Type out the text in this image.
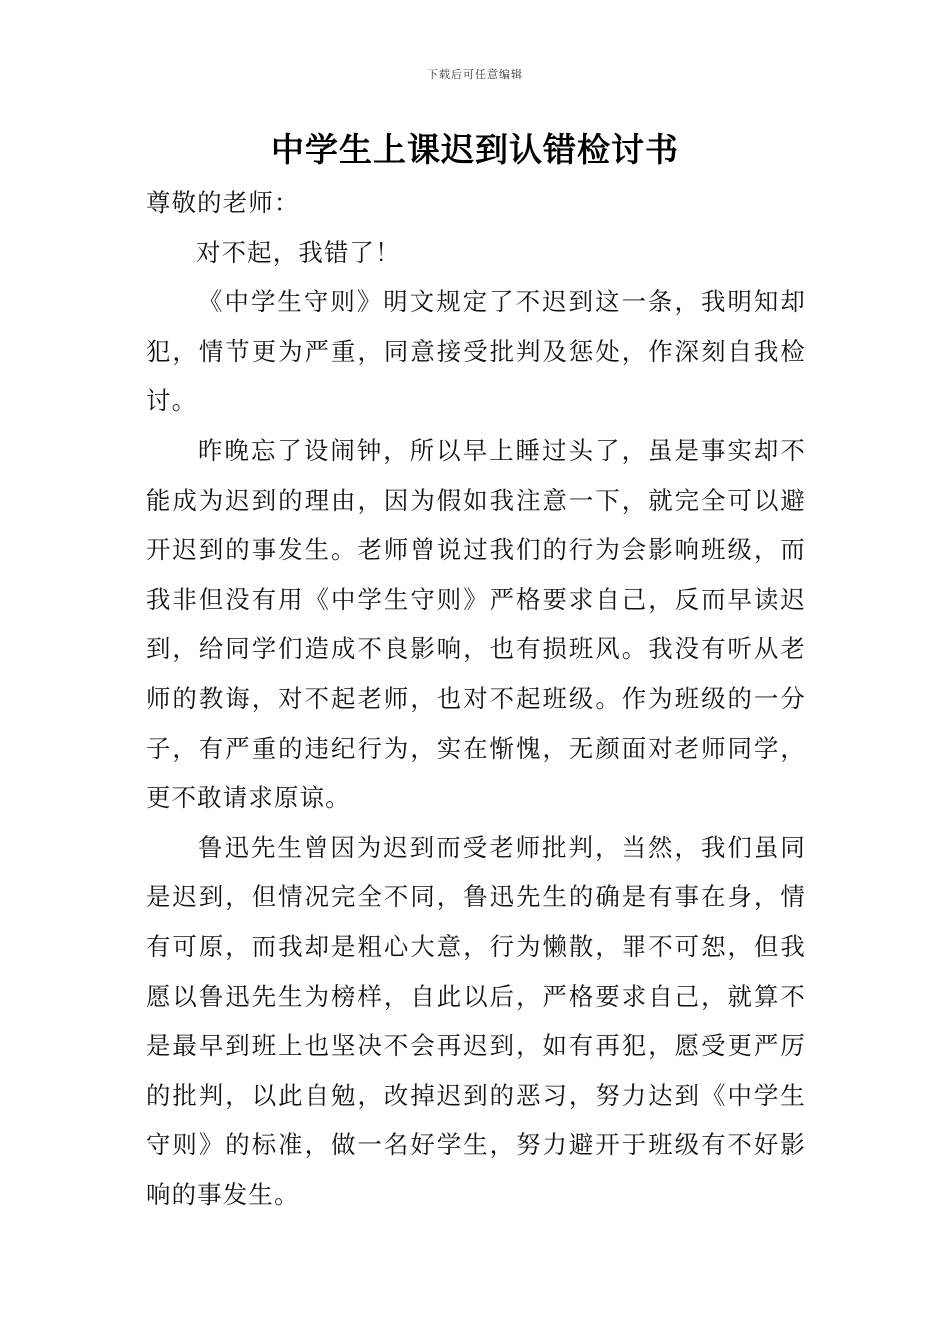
下载后可任意编辑
中学生上课迟到认错检讨书

尊敬的老师：

对不起，我错了！

《中学生守则》明文规定了不迟到这一条，我明知却犯，情节更为严重，同意接受批判及惩处，作深刻自我检讨。

昨晚忘了设闹钟，所以早上睡过头了，虽是事实却不能成为迟到的理由，因为假如我注意一下，就完全可以避开迟到的事发生。老师曾说过我们的行为会影响班级，而我非但没有用《中学生守则》严格要求自己，反而早读迟到，给同学们造成不良影响，也有损班风。我没有听从老师的教诲，对不起老师，也对不起班级。作为班级的一分子，有严重的违纪行为，实在惭愧，无颜面对老师同学，更不敢请求原谅。

鲁迅先生曾因为迟到而受老师批判，当然，我们虽同是迟到，但情况完全不同，鲁迅先生的确是有事在身，情有可原，而我却是粗心大意，行为懒散，罪不可恕，但我愿以鲁迅先生为榜样，自此以后，严格要求自己，就算不是最早到班上也坚决不会再迟到，如有再犯，愿受更严厉的批判，以此自勉，改掉迟到的恶习，努力达到《中学生守则》的标准，做一名好学生，努力避开于班级有不好影响的事发生。
